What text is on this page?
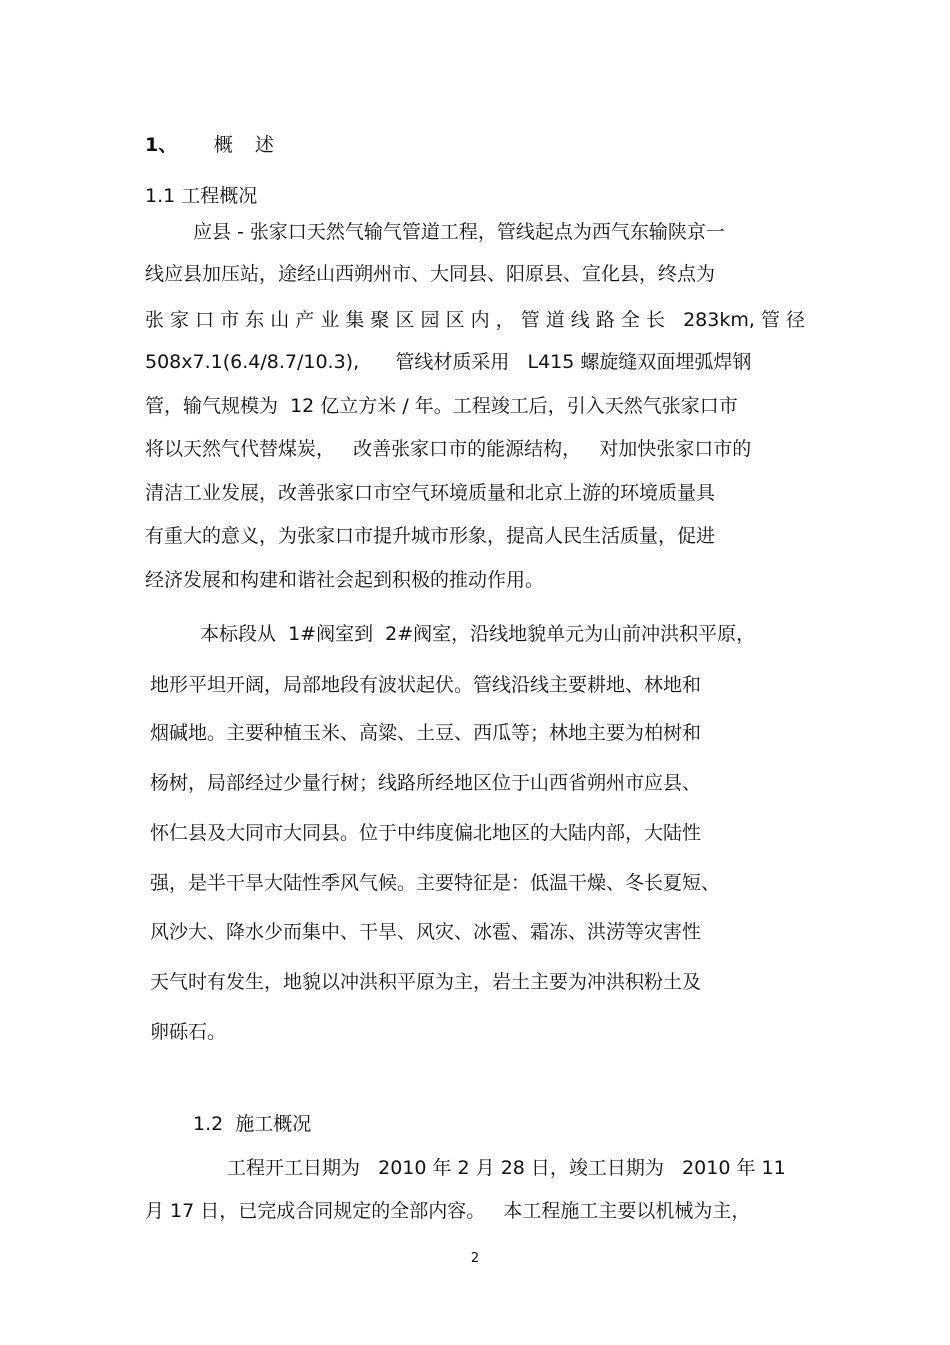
1、 概 述
1.1 工程概况
应县 - 张家口天然气输气管道工程，管线起点为西气东输陕京一
线应县加压站，途经山西朔州市、大同县、阳原县、宣化县，终点为
张家口市东山产业集聚区园区内，管道线路全长 283km,管径
508x7.1(6.4/8.7/10.3),      管线材质采用   L415 螺旋缝双面埋弧焊钢
管，输气规模为  12 亿立方米 / 年。工程竣工后，引入天然气张家口市
将以天然气代替煤炭，   改善张家口市的能源结构，   对加快张家口市的
清洁工业发展，改善张家口市空气环境质量和北京上游的环境质量具
有重大的意义，为张家口市提升城市形象，提高人民生活质量，促进
经济发展和构建和谐社会起到积极的推动作用。
本标段从  1#阀室到  2#阀室，沿线地貌单元为山前冲洪积平原，
地形平坦开阔，局部地段有波状起伏。管线沿线主要耕地、林地和
烟碱地。主要种植玉米、高粱、土豆、西瓜等；林地主要为柏树和
杨树，局部经过少量行树；线路所经地区位于山西省朔州市应县、
怀仁县及大同市大同县。位于中纬度偏北地区的大陆内部，大陆性
强，是半干旱大陆性季风气候。主要特征是：低温干燥、冬长夏短、
风沙大、降水少而集中、干旱、风灾、冰雹、霜冻、洪涝等灾害性
天气时有发生，地貌以冲洪积平原为主，岩土主要为冲洪积粉土及
卵砾石。
1.2  施工概况
工程开工日期为   2010 年 2 月 28 日，竣工日期为   2010 年 11
月 17 日，已完成合同规定的全部内容。   本工程施工主要以机械为主，
2
